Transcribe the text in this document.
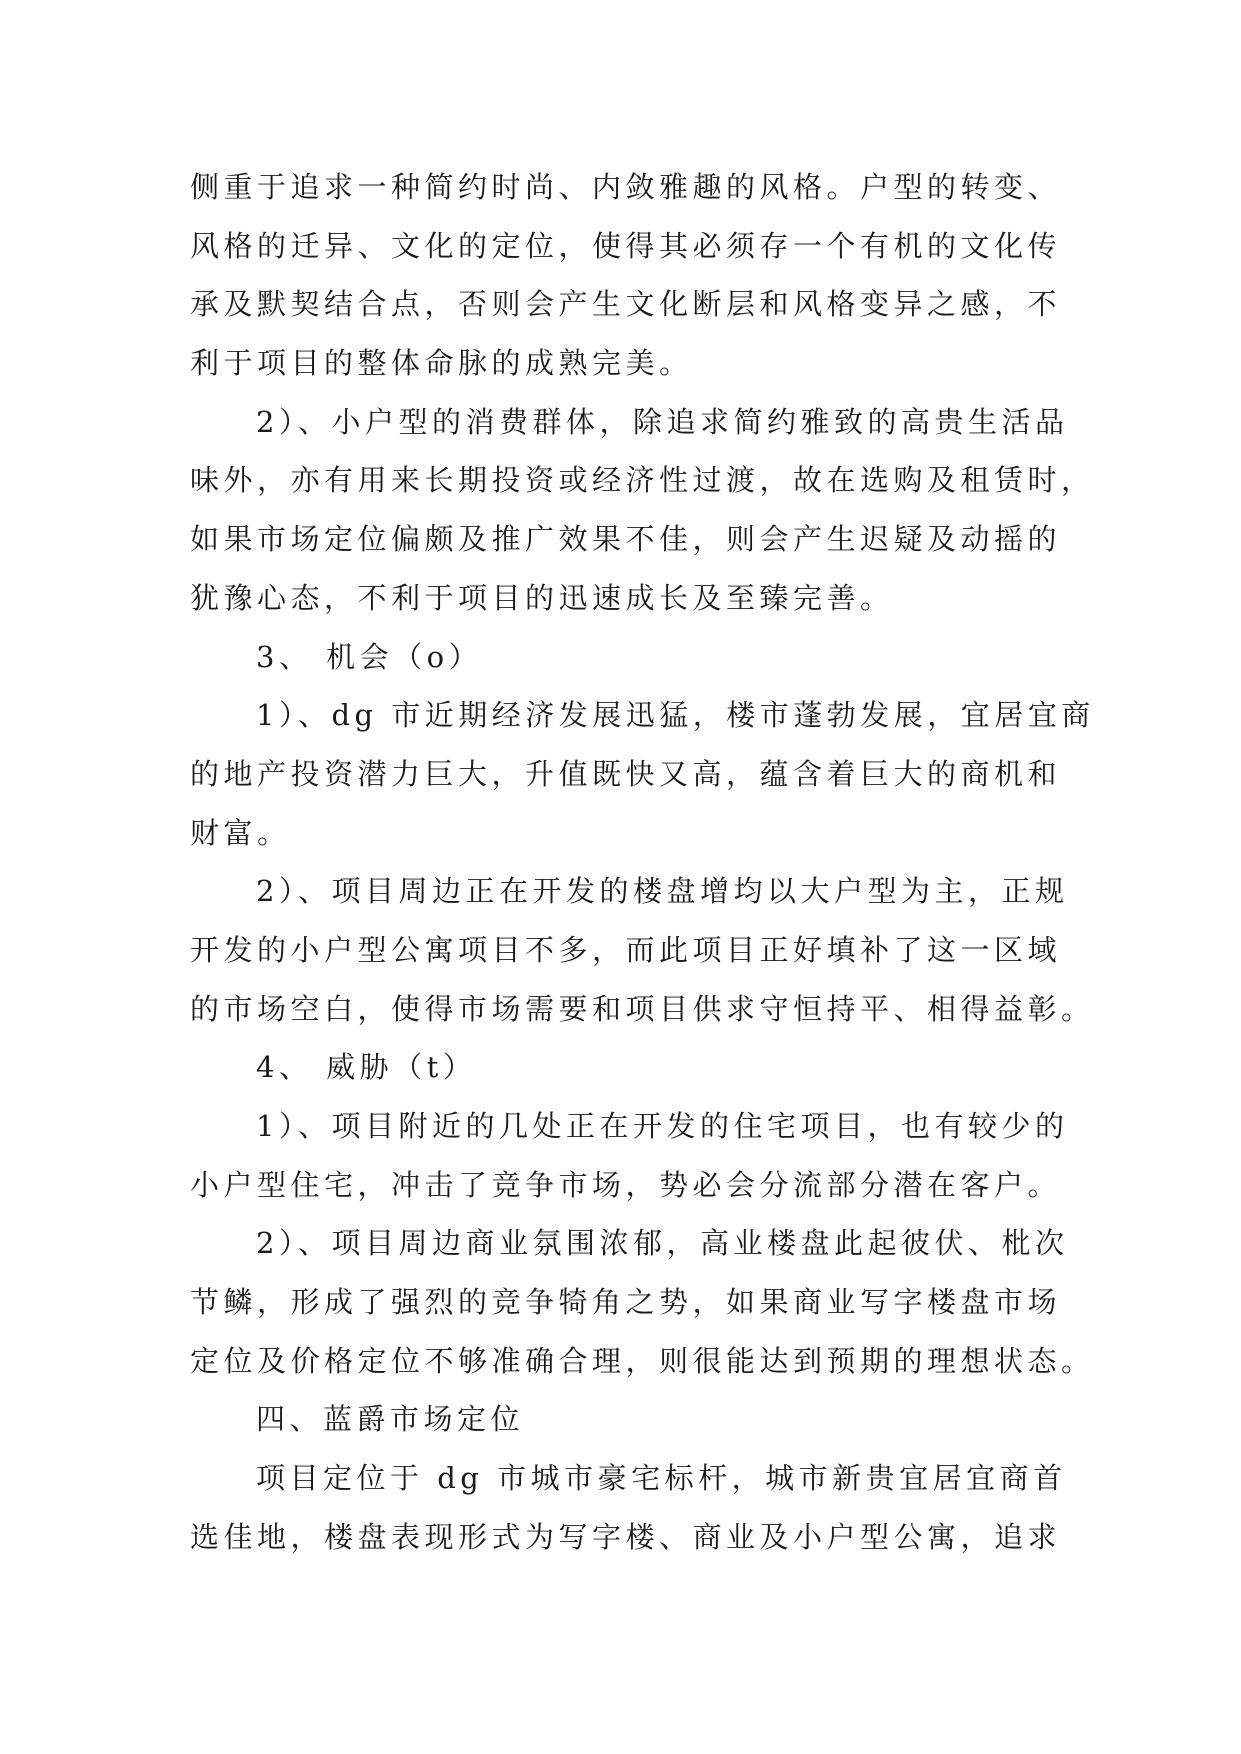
侧重于追求一种简约时尚、内敛雅趣的风格。户型的转变、
风格的迁异、文化的定位，使得其必须存一个有机的文化传
承及默契结合点，否则会产生文化断层和风格变异之感，不
利于项目的整体命脉的成熟完美。
2）、小户型的消费群体，除追求简约雅致的高贵生活品
味外，亦有用来长期投资或经济性过渡，故在选购及租赁时，
如果市场定位偏颇及推广效果不佳，则会产生迟疑及动摇的
犹豫心态，不利于项目的迅速成长及至臻完善。
3、 机会（o）
1）、dg 市近期经济发展迅猛，楼市蓬勃发展，宜居宜商
的地产投资潜力巨大，升值既快又高，蕴含着巨大的商机和
财富。
2）、项目周边正在开发的楼盘增均以大户型为主，正规
开发的小户型公寓项目不多，而此项目正好填补了这一区域
的市场空白，使得市场需要和项目供求守恒持平、相得益彰。
4、 威胁（t）
1）、项目附近的几处正在开发的住宅项目，也有较少的
小户型住宅，冲击了竞争市场，势必会分流部分潜在客户。
2）、项目周边商业氛围浓郁，高业楼盘此起彼伏、枇次
节鳞，形成了强烈的竞争犄角之势，如果商业写字楼盘市场
定位及价格定位不够准确合理，则很能达到预期的理想状态。
四、蓝爵市场定位
项目定位于 dg 市城市豪宅标杆，城市新贵宜居宜商首
选佳地，楼盘表现形式为写字楼、商业及小户型公寓，追求
